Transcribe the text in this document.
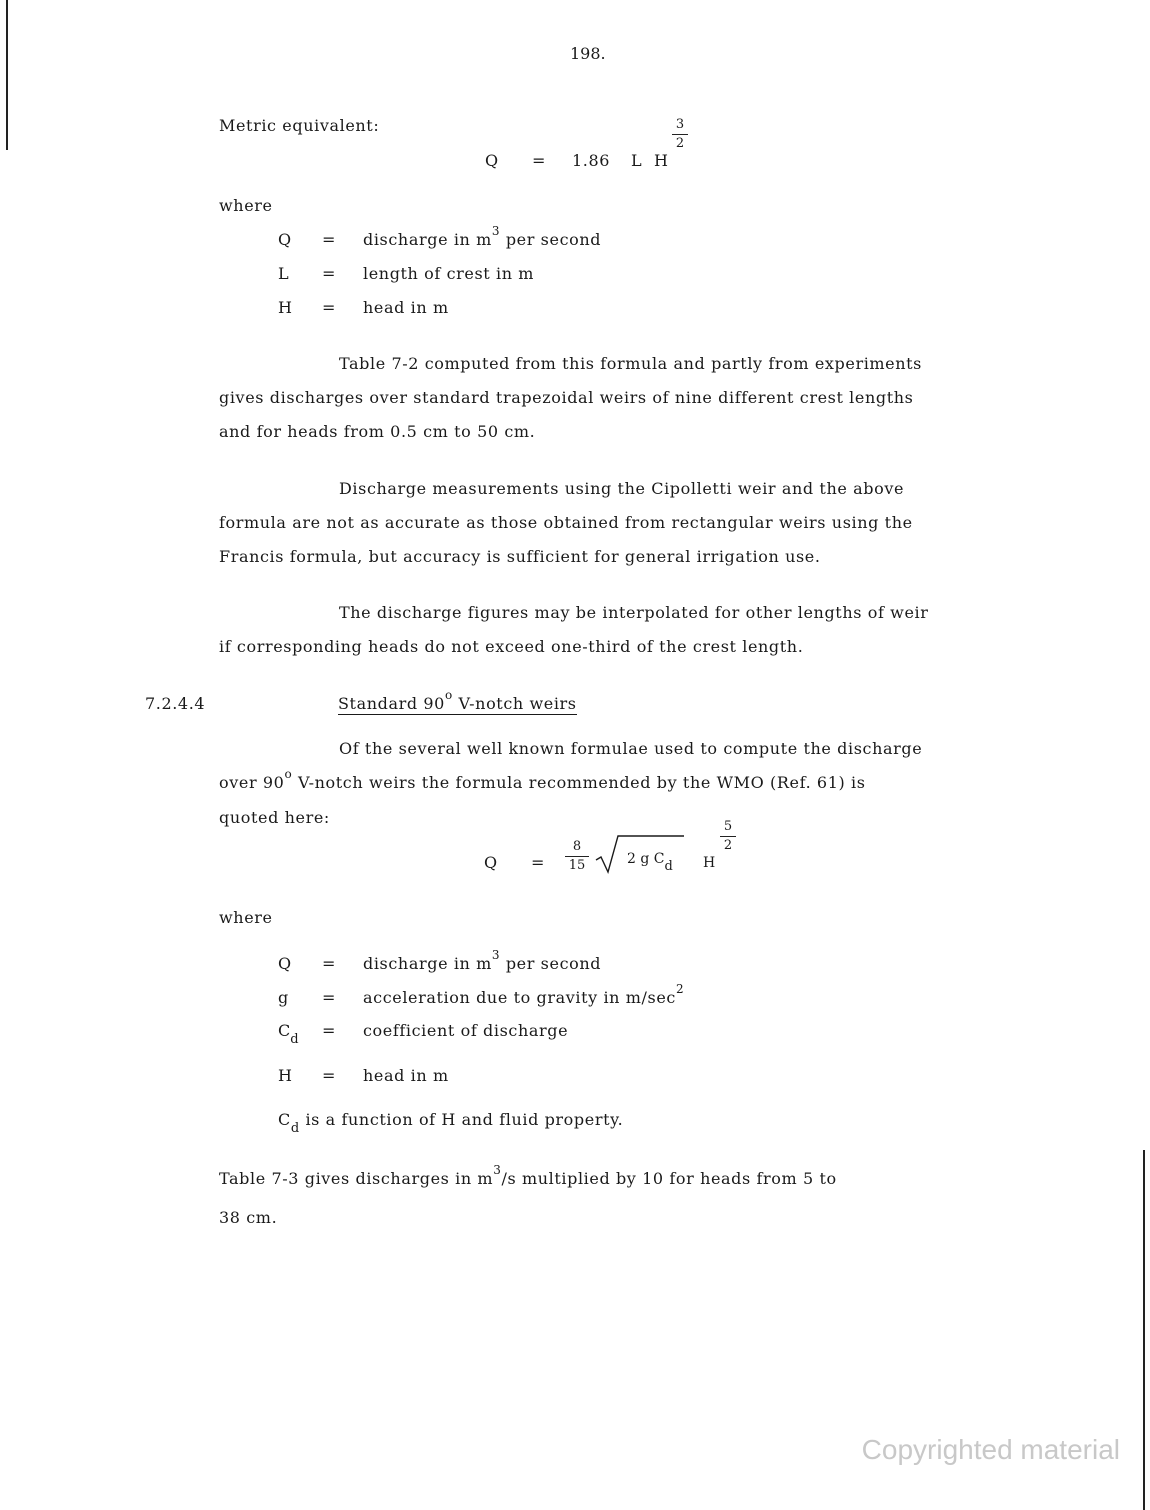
198.
Metric equivalent:
Q = 1.86 L H
3
2
where
Q = discharge in $m^3$ per second
L = length of crest in m
H = head in m
Table 7-2 computed from this formula and partly from experiments
gives discharges over standard trapezoidal weirs of nine different crest lengths
and for heads from 0.5 cm to 50 cm.
Discharge measurements using the Cipolletti weir and the above
formula are not as accurate as those obtained from rectangular weirs using the
Francis formula, but accuracy is sufficient for general irrigation use.
The discharge figures may be interpolated for other lengths of weir
if corresponding heads do not exceed one-third of the crest length.
7.2.4.4	Standard 90$^o$ V-notch weirs
Of the several well known formulae used to compute the discharge
over 90$^o$ V-notch weirs the formula recommended by the WMO (Ref. 61) is
quoted here:
Q =
8
15	2 g $C_d$ H
5
2
where
Q = discharge in $m^3$ per second
g = acceleration due to gravity in $m/\sec^2$
$C_d$ = coefficient of discharge
H = head in m
$C_d$ is a function of H and fluid property.
Table 7-3 gives discharges in $m^3/s$ multiplied by 10 for heads from 5 to
38 cm.
Copyrighted material
